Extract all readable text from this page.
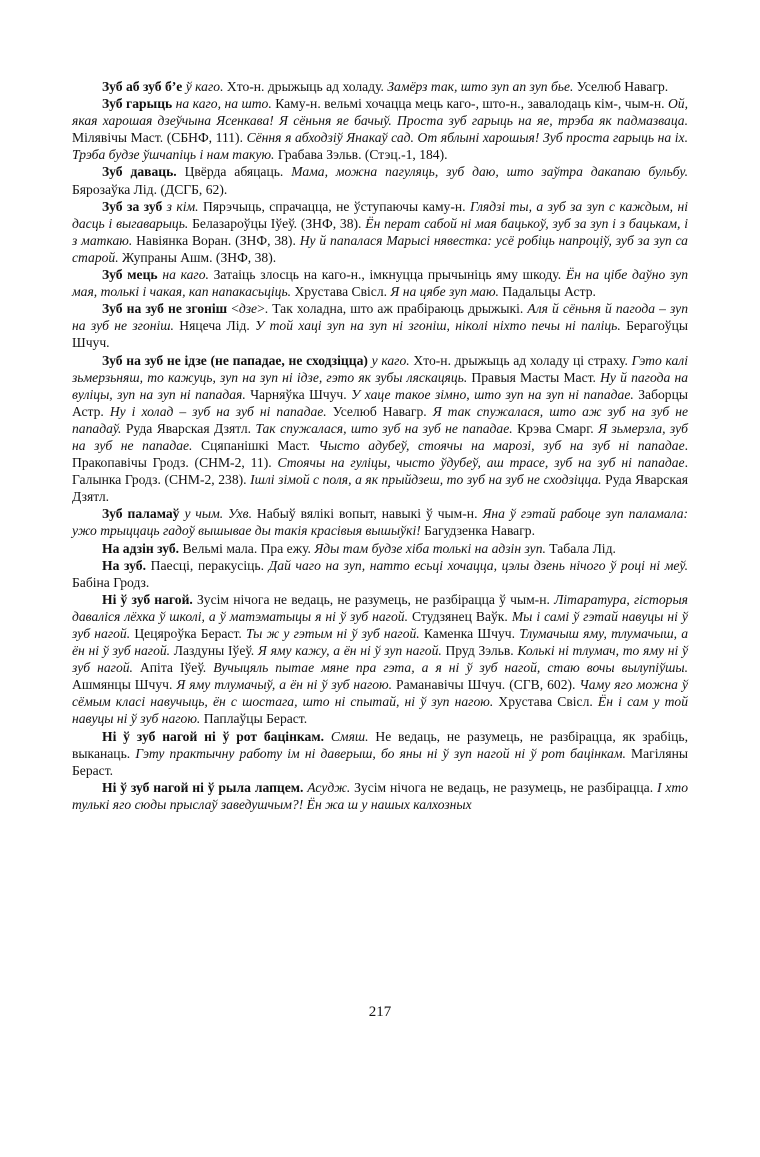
Зуб аб зуб б’е ў каго. Хто-н. дрыжыць ад холаду. Замёрз так, што зуп ап зуп бье. Уселюб Навагр.

Зуб гарыць на каго, на што. Каму-н. вельмі хочацца мець каго-, што-н., завалодаць кім-, чым-н. Ой, якая харошая дзеўчына Ясенкава! Я сёньня яе бачыў. Проста зуб гарыць на яе, трэба як падмазваца. Мілявічы Маст. (СБНФ, 111). Сёння я абходзіў Янакаў сад. От яблыні харошыя! Зуб проста гарыць на іх. Трэба будзе ўшчапіць і нам такую. Грабава Зэльв. (Стэц.-1, 184).

Зуб даваць. Цвёрда абяцаць. Мама, можна пагуляць, зуб даю, што заўтра дакапаю бульбу. Бярозаўка Лід. (ДСГБ, 62).

Зуб за зуб з кім. Пярэчыць, спрачацца, не ўступаючы каму-н. Глядзі ты, а зуб за зуп с каждым, ні дасць і выгаварыць. Белазароўцы Іўеў. (ЗНФ, 38). Ён перат сабой ні мая бацькоў, зуб за зуп і з бацькам, і з маткаю. Навіянка Воран. (ЗНФ, 38). Ну й папалася Марысі нявестка: усё робіць напроціў, зуб за зуп са старой. Жупраны Ашм. (ЗНФ, 38).

Зуб мець на каго. Затаіць злосць на каго-н., імкнуцца прычыніць яму шкоду. Ён на цібе даўно зуп мая, толькі і чакая, кап напакасьціць. Хрустава Свісл. Я на цябе зуп маю. Падальцы Астр.

Зуб на зуб не згоніш <дзе>. Так холадна, што аж прабіраюць дрыжыкі. Аля й сёньня й пагода – зуп на зуб не згоніш. Няцеча Лід. У той хаці зуп на зуп ні згоніш, ніколі ніхто печы ні паліць. Берагоўцы Шчуч.

Зуб на зуб не ідзе (не пападае, не сходзіцца) у каго. Хто-н. дрыжыць ад холаду ці страху. Гэто калі зьмерзьняш, то кажуць, зуп на зуп ні ідзе, гэто як зубы ляскацяць. Правыя Масты Маст. Ну й пагода на вуліцы, зуп на зуп ні пападая. Чарняўка Шчуч. У хаце такое зімно, што зуп на зуп ні пападае. Заборцы Астр. Ну і холад – зуб на зуб ні пападае. Уселюб Навагр. Я так спужалася, што аж зуб на зуб не пападаў. Руда Яварская Дзятл. Так спужалася, што зуб на зуб не пападае. Крэва Смарг. Я зьмерзла, зуб на зуб не пападае. Сцяпанішкі Маст. Чысто адубеў, стоячы на марозі, зуб на зуб ні пападае. Пракопавічы Гродз. (СНМ-2, 11). Стоячы на гуліцы, чысто ўдубеў, аш трасе, зуб на зуб ні пападае. Галынка Гродз. (СНМ-2, 238). Ішлі зімой с поля, а як прыйдзеш, то зуб на зуб не сходзіцца. Руда Яварская Дзятл.

Зуб паламаў у чым. Ухв. Набыў вялікі вопыт, навыкі ў чым-н. Яна ў гэтай рабоце зуп паламала: ужо трыццаць гадоў вышывае ды такія красівыя вышыўкі! Багудзенка Навагр.

На адзін зуб. Вельмі мала. Пра ежу. Яды там будзе хіба толькі на адзін зуп. Табала Лід.

На зуб. Паесці, перакусіць. Дай чаго на зуп, натто есьці хочацца, цэлы дзень нічого ў році ні меў. Бабіна Гродз.

Ні ў зуб нагой. Зусім нічога не ведаць, не разумець, не разбірацца ў чым-н. Літаратура, гісторыя даваліся лёхка ў школі, а ў матэматыцы я ні ў зуб нагой. Студзянец Ваўк. Мы і самі ў гэтай навуцы ні ў зуб нагой. Цецяроўка Бераст. Ты ж у гэтым ні ў зуб нагой. Каменка Шчуч. Тлумачыш яму, тлумачыш, а ён ні ў зуб нагой. Лаздуны Іўеў. Я яму кажу, а ён ні ў зуп нагой. Пруд Зэльв. Колькі ні тлумач, то яму ні ў зуб нагой. Апіта Іўеў. Вучыцяль пытае мяне пра гэта, а я ні ў зуб нагой, стаю вочы вылупіўшы. Ашмянцы Шчуч. Я яму тлумачыў, а ён ні ў зуб нагою. Раманавічы Шчуч. (СГВ, 602). Чаму яго можна ў сёмым класі навучыць, ён с шостага, што ні спытай, ні ў зуп нагою. Хрустава Свісл. Ён і сам у той навуцы ні ў зуб нагою. Паплаўцы Бераст.

Ні ў зуб нагой ні ў рот бацінкам. Смяш. Не ведаць, не разумець, не разбірацца, як зрабіць, выканаць. Гэту практычну работу ім ні даверыш, бо яны ні ў зуп нагой ні ў рот бацінкам. Магіляны Бераст.

Ні ў зуб нагой ні ў рыла лапцем. Асудж. Зусім нічога не ведаць, не разумець, не разбірацца. І хто тулькі яго сюды прыслаў заведушчым?! Ён жа ш у нашых калхозных

217
